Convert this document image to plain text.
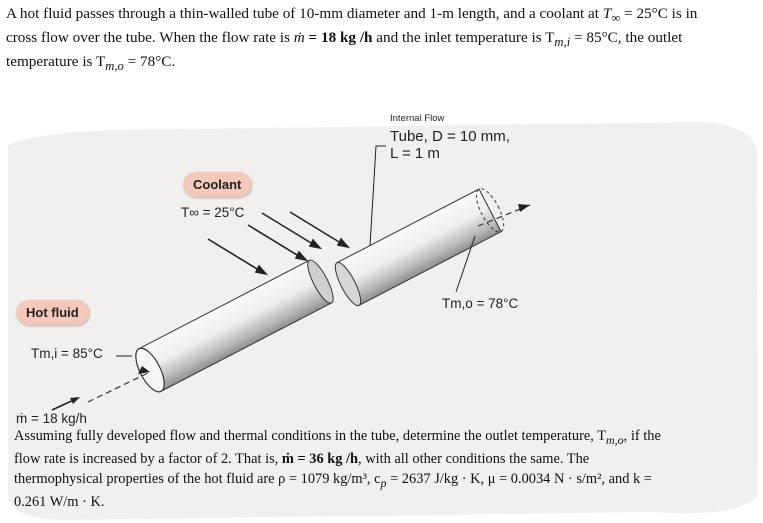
A hot fluid passes through a thin-walled tube of 10-mm diameter and 1-m length, and a coolant at $T_\infty = 25^\circ C$ is in

cross flow over the tube. When the flow rate is ṁ = 18 kg /h and the inlet temperature is $T_{m,i} = 85^\circ C$, the outlet

temperature is $T_{m,o} = 78^\circ C$.

Internal Flow
Tube, D = 10 mm,
L = 1 m
Coolant
T∞ = 25°C
Hot fluid
Tm,i = 85°C
Tm,o = 78°C
ṁ = 18 kg/h

Assuming fully developed flow and thermal conditions in the tube, determine the outlet temperature, $T_{m,o}$, if the

flow rate is increased by a factor of 2. That is, ṁ = 36 kg /h, with all other conditions the same. The

thermophysical properties of the hot fluid are ρ = 1079 kg/m³, $c_p = 2637$ J/kg · K, μ = 0.0034 N · s/m², and k =

0.261 W/m · K.
